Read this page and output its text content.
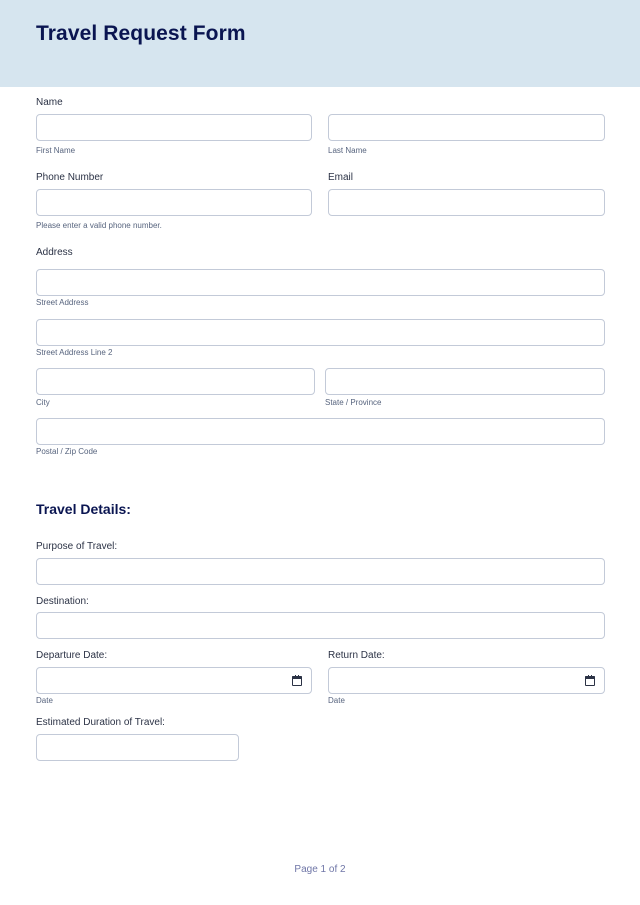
Travel Request Form
Name
First Name	Last Name
Phone Number	Email
Please enter a valid phone number.
Address
Street Address
Street Address Line 2
City	State / Province
Postal / Zip Code
Travel Details:
Purpose of Travel:
Destination:
Departure Date:	Return Date:
Date	Date
Estimated Duration of Travel:
Page 1 of 2
